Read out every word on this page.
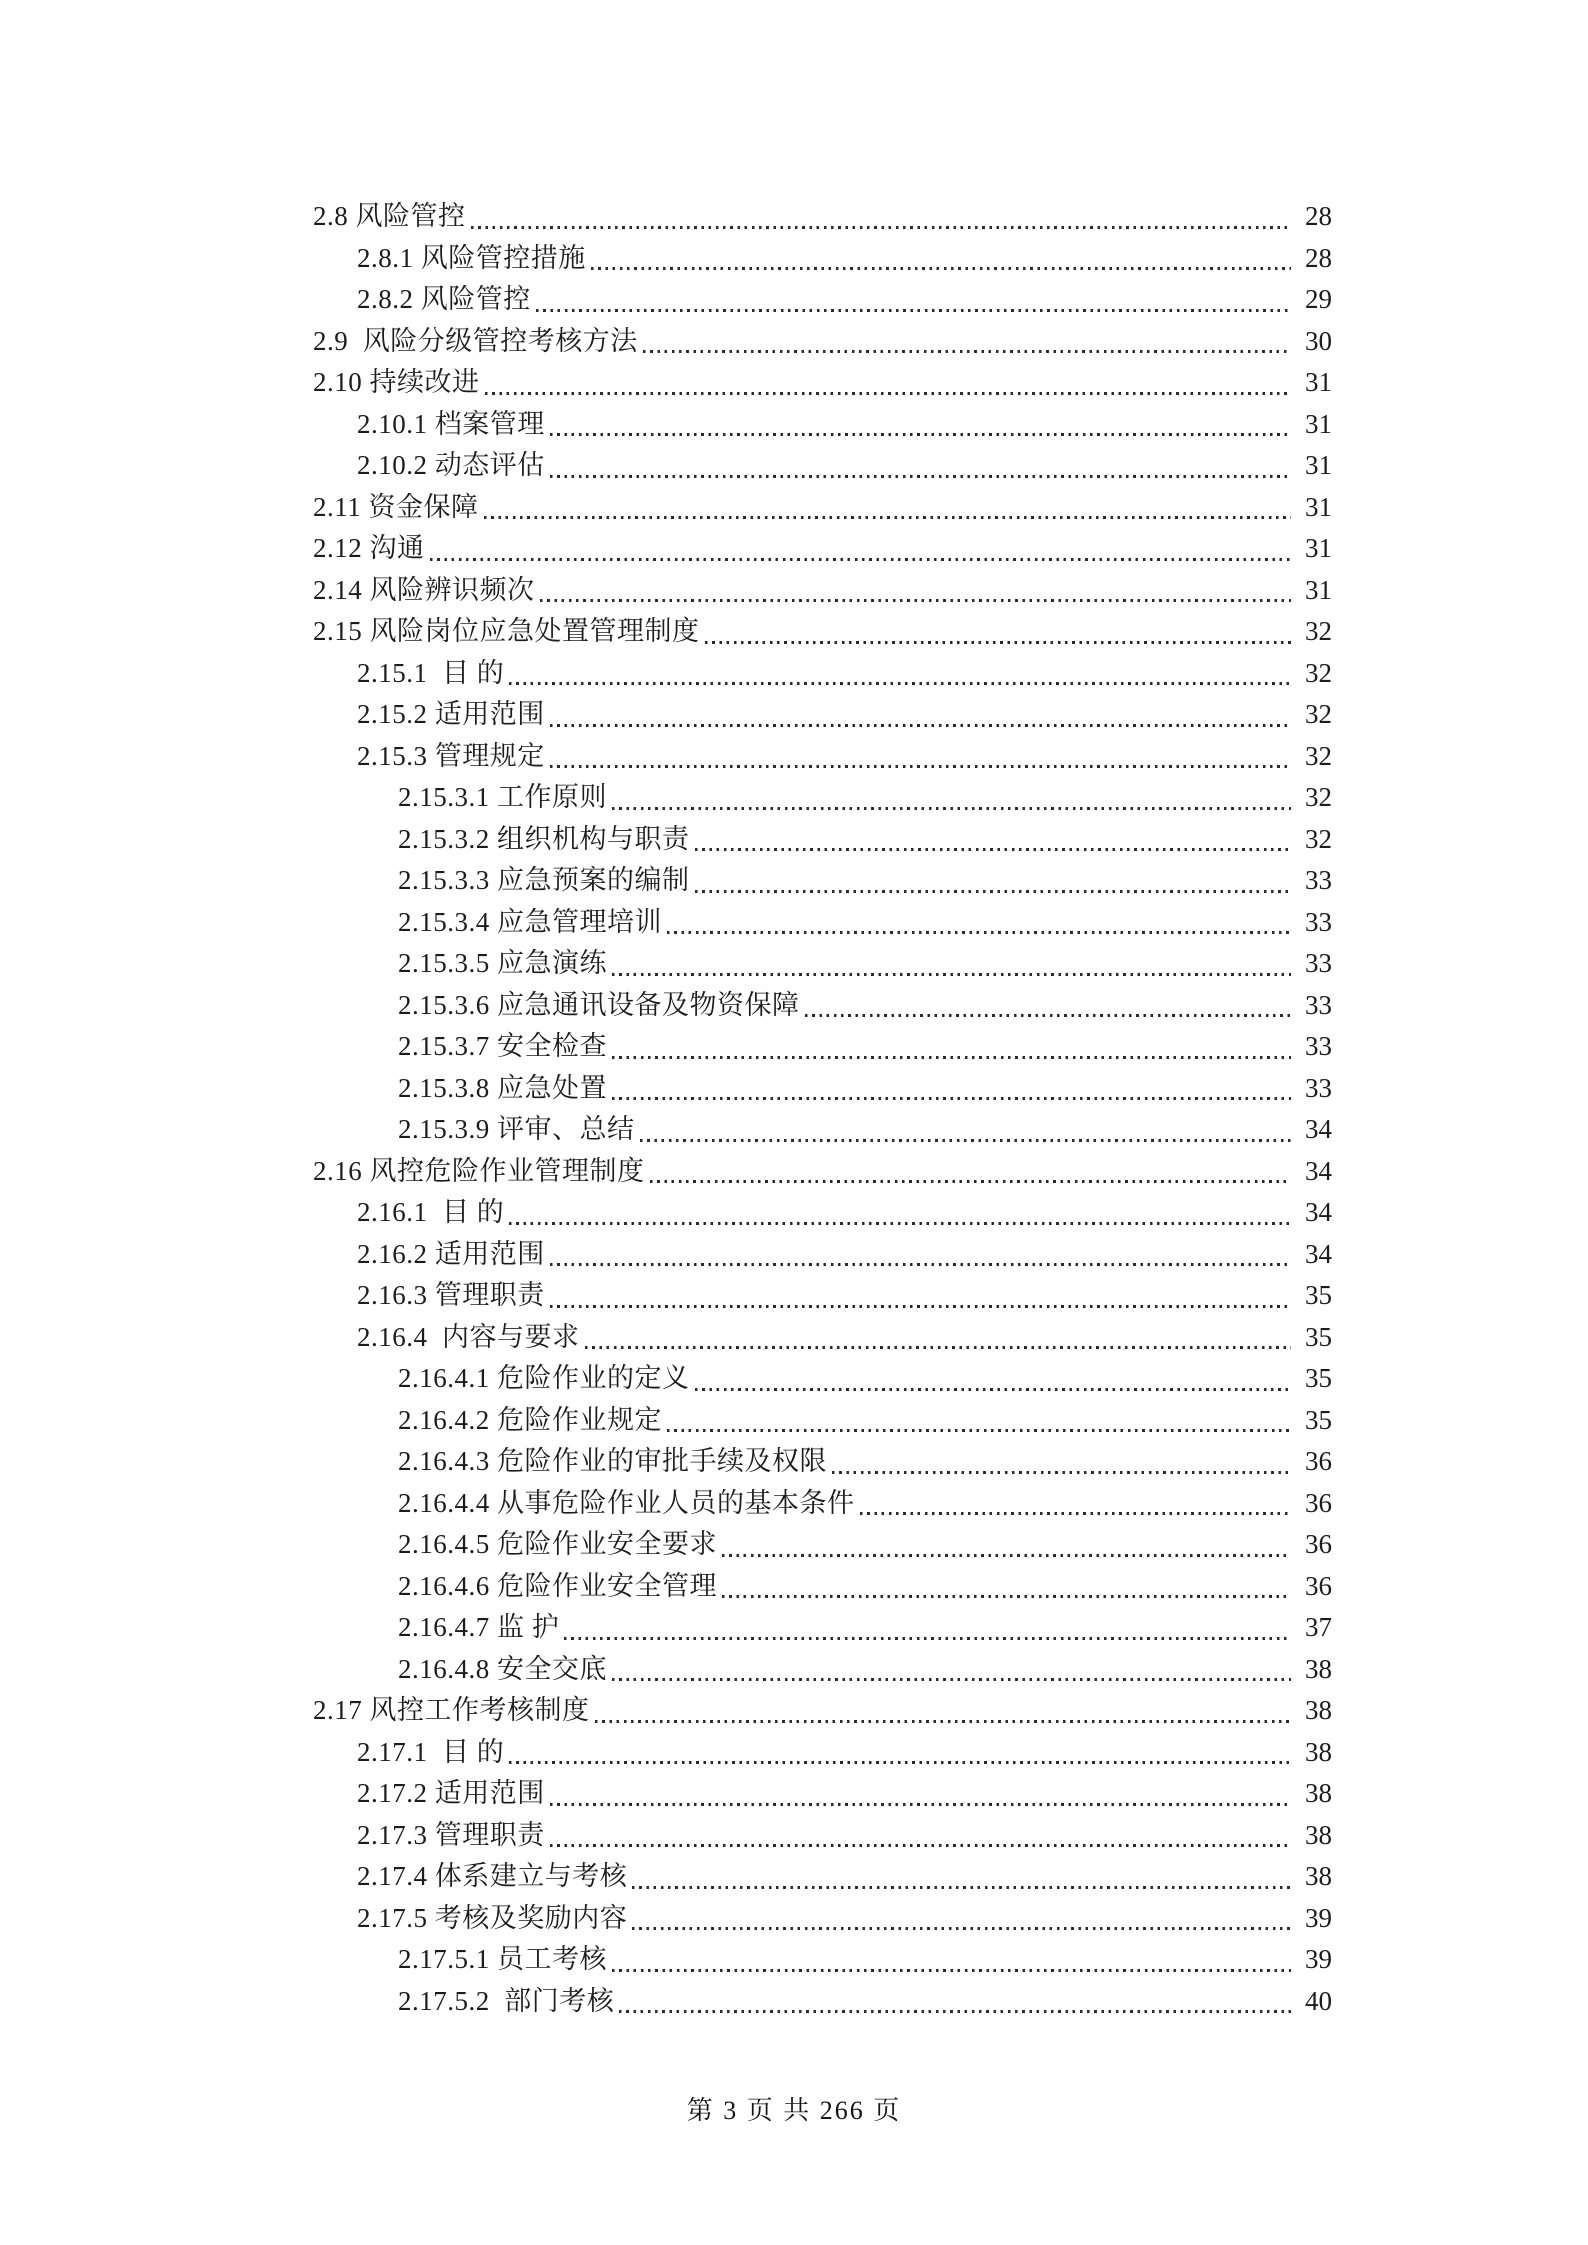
2.8 风险管控	28
2.8.1 风险管控措施	28
2.8.2 风险管控	29
2.9  风险分级管控考核方法	30
2.10 持续改进	31
2.10.1 档案管理	31
2.10.2 动态评估	31
2.11 资金保障	31
2.12 沟通	31
2.14 风险辨识频次	31
2.15 风险岗位应急处置管理制度	32
2.15.1  目 的	32
2.15.2 适用范围	32
2.15.3 管理规定	32
2.15.3.1 工作原则	32
2.15.3.2 组织机构与职责	32
2.15.3.3 应急预案的编制	33
2.15.3.4 应急管理培训	33
2.15.3.5 应急演练	33
2.15.3.6 应急通讯设备及物资保障	33
2.15.3.7 安全检查	33
2.15.3.8 应急处置	33
2.15.3.9 评审、总结	34
2.16 风控危险作业管理制度	34
2.16.1  目 的	34
2.16.2 适用范围	34
2.16.3 管理职责	35
2.16.4  内容与要求	35
2.16.4.1 危险作业的定义	35
2.16.4.2 危险作业规定	35
2.16.4.3 危险作业的审批手续及权限	36
2.16.4.4 从事危险作业人员的基本条件	36
2.16.4.5 危险作业安全要求	36
2.16.4.6 危险作业安全管理	36
2.16.4.7 监 护	37
2.16.4.8 安全交底	38
2.17 风控工作考核制度	38
2.17.1  目 的	38
2.17.2 适用范围	38
2.17.3 管理职责	38
2.17.4 体系建立与考核	38
2.17.5 考核及奖励内容	39
2.17.5.1 员工考核	39
2.17.5.2  部门考核	40
第 3 页 共 266 页
